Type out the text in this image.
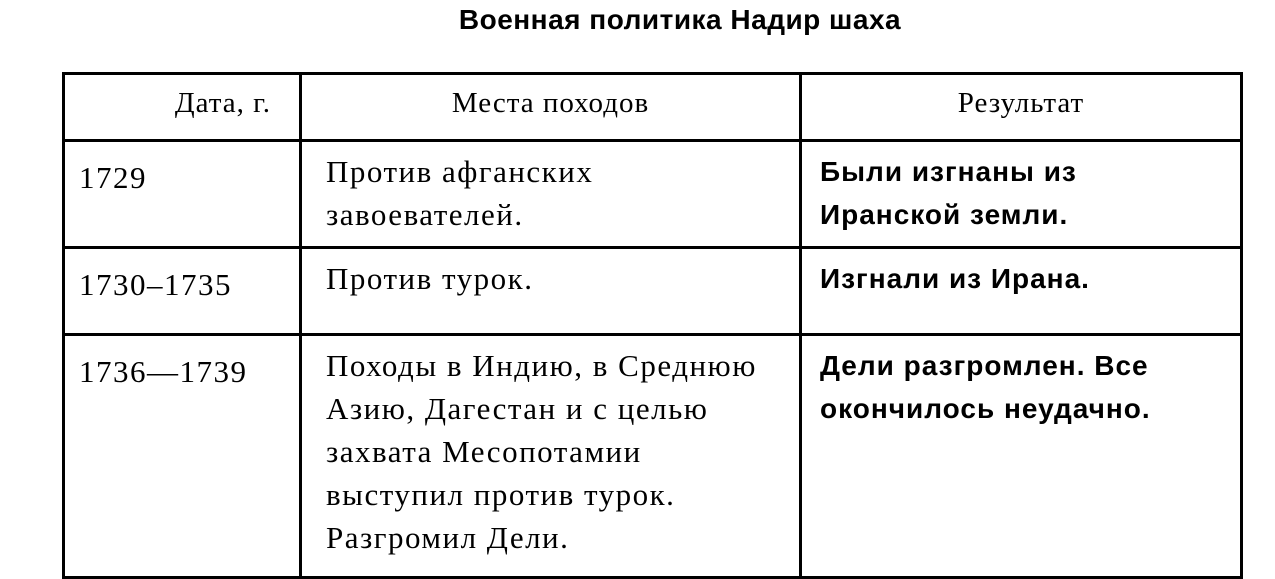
Военная политика Надир шаха
Дата, г.	Места походов	Результат
1729	Против афганских завоевателей.	Были изгнаны из Иранской земли.
1730–1735	Против турок.	Изгнали из Ирана.
1736—1739	Походы в Индию, в Среднюю Азию, Дагестан и с целью захвата Месопотамии выступил против турок. Разгромил Дели.	Дели разгромлен. Все окончилось неудачно.
